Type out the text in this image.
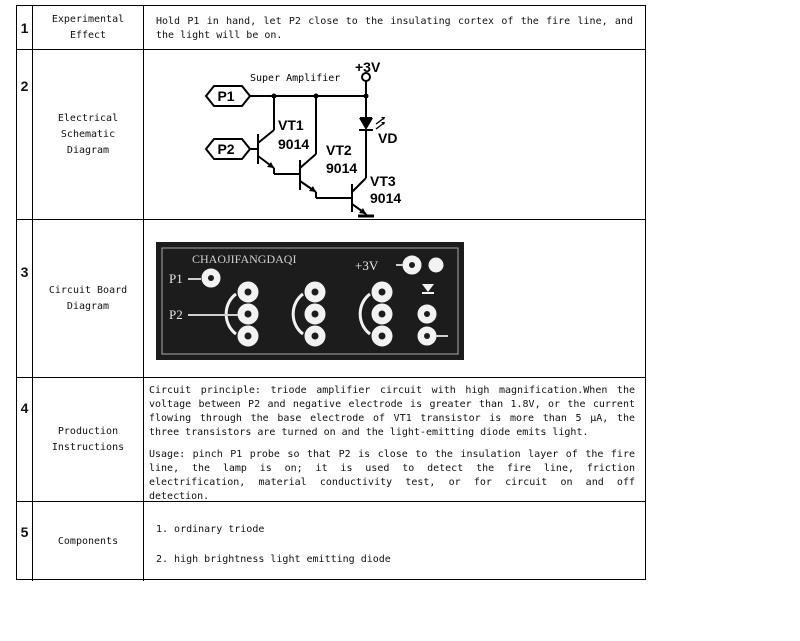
1
Experimental Effect
Hold P1 in hand, let P2 close to the insulating cortex of the fire line, and the light will be on.
2
Electrical Schematic Diagram
P1
P2
Super Amplifier
+3V
VD
VT1
9014 VT2
9014
VT3
9014
3
Circuit Board Diagram
CHAOJIFANGDAQI	+3V
P1
P2
4
Production Instructions
Circuit principle: triode amplifier circuit with high magnification.When the voltage between P2 and negative electrode is greater than 1.8V, or the current flowing through the base electrode of VT1 transistor is more than 5 μA, the three transistors are turned on and the light-emitting diode emits light.
Usage: pinch P1 probe so that P2 is close to the insulation layer of the fire line, the lamp is on; it is used to detect the fire line, friction electrification, material conductivity test, or for circuit on and off detection.
5
Components
1. ordinary triode
2. high brightness light emitting diode
